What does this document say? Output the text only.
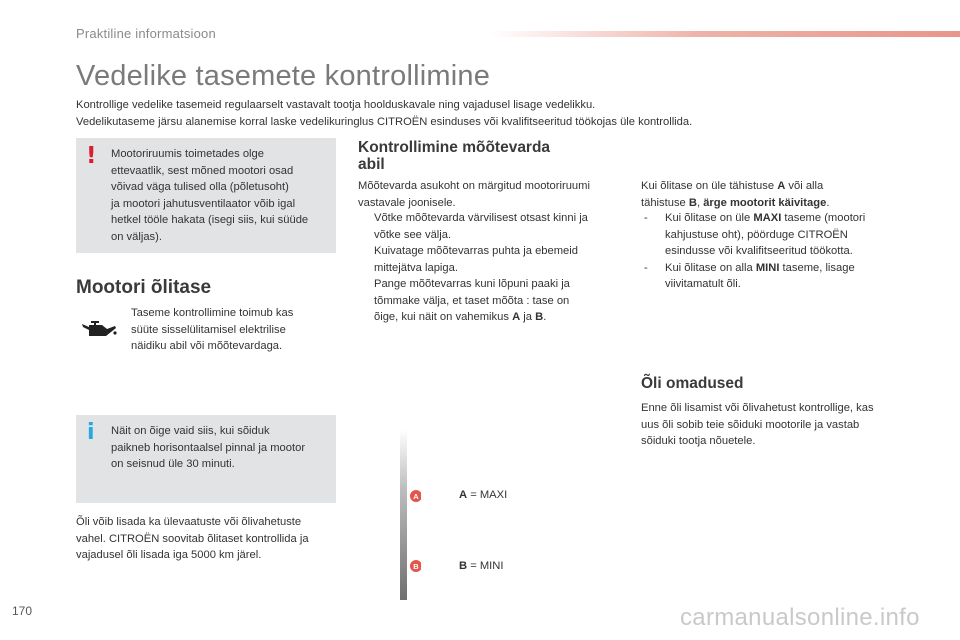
Praktiline informatsioon
Vedelike tasemete kontrollimine

Kontrollige vedelike tasemeid regulaarselt vastavalt tootja hoolduskavale ning vajadusel lisage vedelikku.

Vedelikutaseme järsu alanemise korral laske vedelikuringlus CITROËN esinduses või kvalifitseeritud töökojas üle kontrollida.

! Mootoriruumis toimetades olge
ettevaatlik, sest mõned mootori osad
võivad väga tulised olla (põletusoht)
ja mootori jahutusventilaator võib igal
hetkel tööle hakata (isegi siis, kui süüde
on väljas).
Mootori õlitase
Taseme kontrollimine toimub kas
süüte sisselülitamisel elektrilise
näidiku abil või mõõtevardaga.
i Näit on õige vaid siis, kui sõiduk
paikneb horisontaalsel pinnal ja mootor
on seisnud üle 30 minuti.
Õli võib lisada ka ülevaatuste või õlivahetuste
vahel. CITROËN soovitab õlitaset kontrollida ja
vajadusel õli lisada iga 5000 km järel.
Kontrollimine mõõtevarda
abil
Mõõtevarda asukoht on märgitud mootoriruumi
vastavale joonisele.
Võtke mõõtevarda värvilisest otsast kinni ja
võtke see välja.
Kuivatage mõõtevarras puhta ja ebemeid
mittejätva lapiga.
Pange mõõtevarras kuni lõpuni paaki ja
tõmmake välja, et taset mõõta : tase on
õige, kui näit on vahemikus A ja B.
A
B
A = MAXI
B = MINI
Kui õlitase on üle tähistuse A või alla
tähistuse B, ärge mootorit käivitage.
- Kui õlitase on üle MAXI taseme (mootori
kahjustuse oht), pöörduge CITROËN
esindusse või kvalifitseeritud töökotta.
- Kui õlitase on alla MINI taseme, lisage
viivitamatult õli.
Õli omadused
Enne õli lisamist või õlivahetust kontrollige, kas
uus õli sobib teie sõiduki mootorile ja vastab
sõiduki tootja nõuetele.
170	carmanualsonline.info
